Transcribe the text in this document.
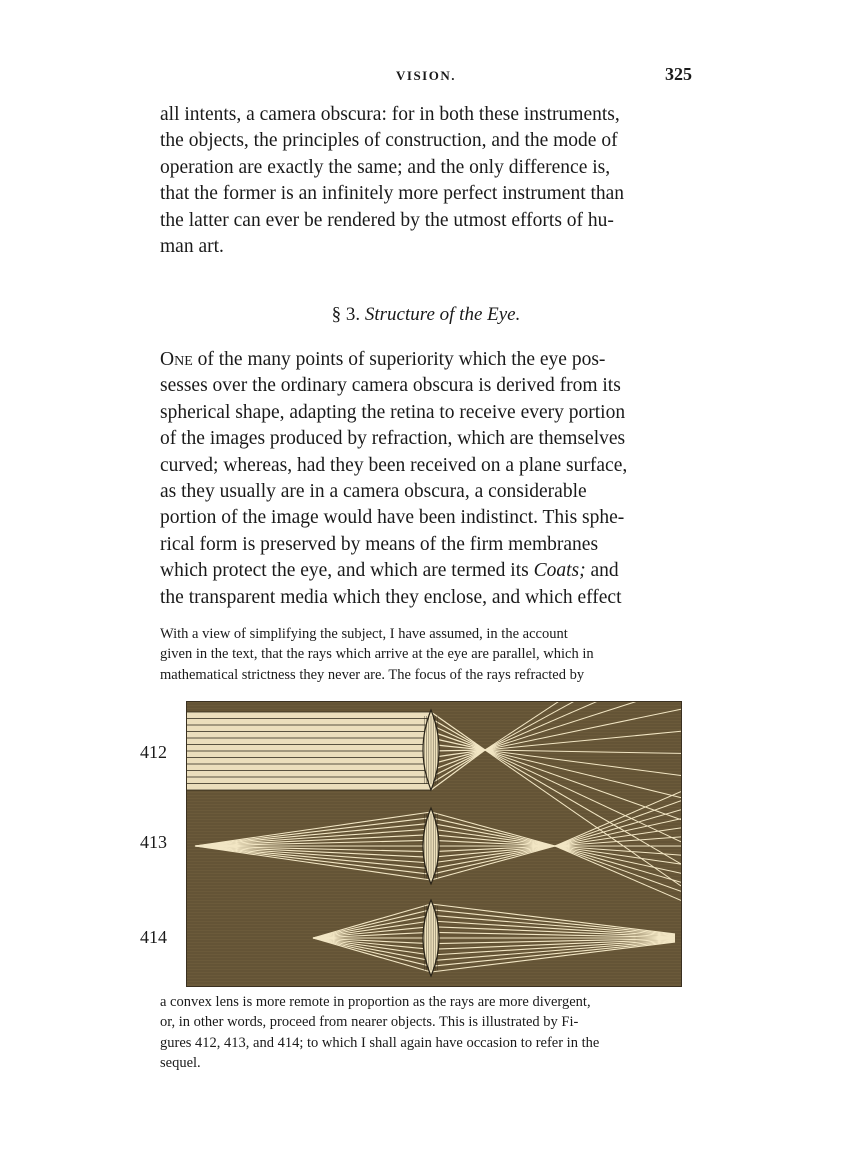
VISION.	325
all intents, a camera obscura: for in both these instruments,
the objects, the principles of construction, and the mode of
operation are exactly the same; and the only difference is,
that the former is an infinitely more perfect instrument than
the latter can ever be rendered by the utmost efforts of hu-
man art.
§ 3. Structure of the Eye.
One of the many points of superiority which the eye pos-
sesses over the ordinary camera obscura is derived from its
spherical shape, adapting the retina to receive every portion
of the images produced by refraction, which are themselves
curved; whereas, had they been received on a plane surface,
as they usually are in a camera obscura, a considerable
portion of the image would have been indistinct. This sphe-
rical form is preserved by means of the firm membranes
which protect the eye, and which are termed its Coats; and
the transparent media which they enclose, and which effect
With a view of simplifying the subject, I have assumed, in the account
given in the text, that the rays which arrive at the eye are parallel, which in
mathematical strictness they never are. The focus of the rays refracted by
412
413
414
a convex lens is more remote in proportion as the rays are more divergent,
or, in other words, proceed from nearer objects. This is illustrated by Fi-
gures 412, 413, and 414; to which I shall again have occasion to refer in the
sequel.
